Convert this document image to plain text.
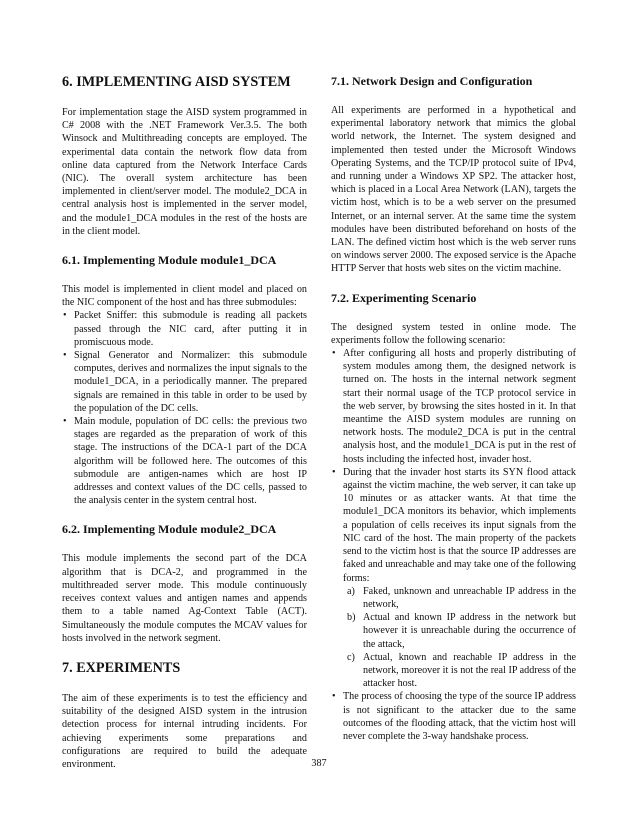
6. IMPLEMENTING AISD SYSTEM

For implementation stage the AISD system programmed in C# 2008 with the .NET Framework Ver.3.5. The both Winsock and Multithreading concepts are employed. The experimental data contain the network flow data from online data captured from the Network Interface Cards (NIC). The overall system architecture has been implemented in client/server model. The module2_DCA in central analysis host is implemented in the server model, and the module1_DCA modules in the rest of the hosts are in the client model.

6.1. Implementing Module module1_DCA

This model is implemented in client model and placed on the NIC component of the host and has three submodules:

• Packet Sniffer: this submodule is reading all packets passed through the NIC card, after putting it in promiscuous mode.
• Signal Generator and Normalizer: this submodule computes, derives and normalizes the input signals to the module1_DCA, in a periodically manner. The prepared signals are remained in this table in order to be used by the population of the DC cells.
• Main module, population of DC cells: the previous two stages are regarded as the preparation of work of this stage. The instructions of the DCA-1 part of the DCA algorithm will be followed here. The outcomes of this submodule are antigen-names which are host IP addresses and context values of the DC cells, passed to the analysis center in the system central host.
6.2. Implementing Module module2_DCA

This module implements the second part of the DCA algorithm that is DCA-2, and programmed in the multithreaded server mode. This module continuously receives context values and antigen names and appends them to a table named Ag-Context Table (ACT). Simultaneously the module computes the MCAV values for hosts involved in the network segment.

7. EXPERIMENTS

The aim of these experiments is to test the efficiency and suitability of the designed AISD system in the intrusion detection process for internal intruding incidents. For achieving experiments some preparations and configurations are required to build the adequate environment.

7.1. Network Design and Configuration

All experiments are performed in a hypothetical and experimental laboratory network that mimics the global world network, the Internet. The system designed and implemented then tested under the Microsoft Windows Operating Systems, and the TCP/IP protocol suite of IPv4, and running under a Windows XP SP2. The attacker host, which is placed in a Local Area Network (LAN), targets the victim host, which is to be a web server on the presumed Internet, or an internal server. At the same time the system modules have been distributed beforehand on hosts of the LAN. The defined victim host which is the web server runs on windows server 2000. The exposed service is the Apache HTTP Server that hosts web sites on the victim machine.

7.2. Experimenting Scenario

The designed system tested in online mode. The experiments follow the following scenario:

• After configuring all hosts and properly distributing of system modules among them, the designed network is turned on. The hosts in the internal network segment start their normal usage of the TCP protocol service in the web server, by browsing the sites hosted in it. In that meantime the AISD system modules are running on network hosts. The module2_DCA is put in the central analysis host, and the module1_DCA is put in the rest of hosts including the infected host, invader host.
• During that the invader host starts its SYN flood attack against the victim machine, the web server, it can take up 10 minutes or as attacker wants. At that time the module1_DCA monitors its behavior, which implements a population of cells receives its input signals from the NIC card of the host. The main property of the packets send to the victim host is that the source IP addresses are faked and unreachable and may take one of the following forms:
a) Faked, unknown and unreachable IP address in the network,
b) Actual and known IP address in the network but however it is unreachable during the occurrence of the attack,
c) Actual, known and reachable IP address in the network, moreover it is not the real IP address of the attacker host.
• The process of choosing the type of the source IP address is not significant to the attacker due to the same outcomes of the flooding attack, that the victim host will never complete the 3-way handshake process.
387
